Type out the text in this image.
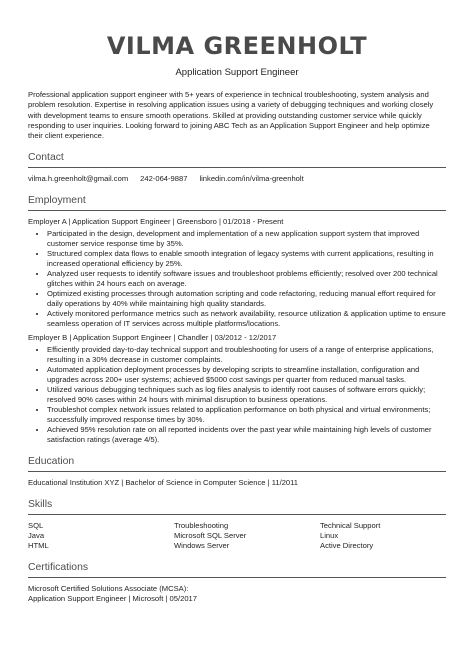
VILMA GREENHOLT
Application Support Engineer
Professional application support engineer with 5+ years of experience in technical troubleshooting, system analysis and problem resolution. Expertise in resolving application issues using a variety of debugging techniques and working closely with development teams to ensure smooth operations. Skilled at providing outstanding customer service while quickly responding to user inquiries. Looking forward to joining ABC Tech as an Application Support Engineer and help optimize their client experience.
Contact
vilma.h.greenholt@gmail.com 242-064-9887 linkedin.com/in/vilma-greenholt
Employment
Employer A | Application Support Engineer | Greensboro | 01/2018 - Present
• Participated in the design, development and implementation of a new application support system that improved customer service response time by 35%.
• Structured complex data flows to enable smooth integration of legacy systems with current applications, resulting in increased operational efficiency by 25%.
• Analyzed user requests to identify software issues and troubleshoot problems efficiently; resolved over 200 technical glitches within 24 hours each on average.
• Optimized existing processes through automation scripting and code refactoring, reducing manual effort required for daily operations by 40% while maintaining high quality standards.
• Actively monitored performance metrics such as network availability, resource utilization & application uptime to ensure seamless operation of IT services across multiple platforms/locations.
Employer B | Application Support Engineer | Chandler | 03/2012 - 12/2017
• Efficiently provided day-to-day technical support and troubleshooting for users of a range of enterprise applications, resulting in a 30% decrease in customer complaints.
• Automated application deployment processes by developing scripts to streamline installation, configuration and upgrades across 200+ user systems; achieved $5000 cost savings per quarter from reduced manual tasks.
• Utilized various debugging techniques such as log files analysis to identify root causes of software errors quickly; resolved 90% cases within 24 hours with minimal disruption to business operations.
• Troubleshot complex network issues related to application performance on both physical and virtual environments; successfully improved response times by 30%.
• Achieved 95% resolution rate on all reported incidents over the past year while maintaining high levels of customer satisfaction ratings (average 4/5).
Education
Educational Institution XYZ | Bachelor of Science in Computer Science | 11/2011
Skills
SQL	Troubleshooting	Technical Support
Java	Microsoft SQL Server	Linux
HTML	Windows Server	Active Directory
Certifications
Microsoft Certified Solutions Associate (MCSA):
Application Support Engineer | Microsoft | 05/2017
